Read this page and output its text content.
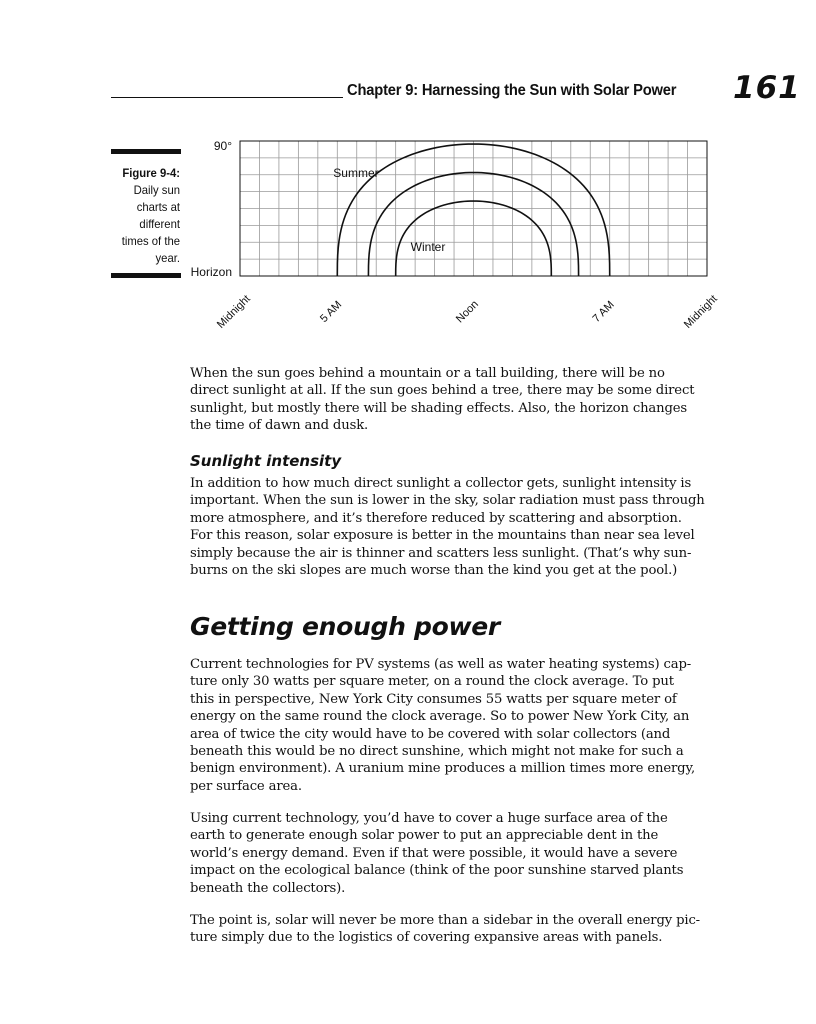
Chapter 9: Harnessing the Sun with Solar Power 161
Figure 9-4:
Daily sun
charts at
different
times of the
year.
90°
Horizon
Midnight	5 AM	Noon	7 AM	Midnight
Summer
Winter
When the sun goes behind a mountain or a tall building, there will be no
direct sunlight at all. If the sun goes behind a tree, there may be some direct
sunlight, but mostly there will be shading effects. Also, the horizon changes
the time of dawn and dusk.
Sunlight intensity
In addition to how much direct sunlight a collector gets, sunlight intensity is
important. When the sun is lower in the sky, solar radiation must pass through
more atmosphere, and it’s therefore reduced by scattering and absorption.
For this reason, solar exposure is better in the mountains than near sea level
simply because the air is thinner and scatters less sunlight. (That’s why sun-
burns on the ski slopes are much worse than the kind you get at the pool.)
Getting enough power
Current technologies for PV systems (as well as water heating systems) cap-
ture only 30 watts per square meter, on a round the clock average. To put
this in perspective, New York City consumes 55 watts per square meter of
energy on the same round the clock average. So to power New York City, an
area of twice the city would have to be covered with solar collectors (and
beneath this would be no direct sunshine, which might not make for such a
benign environment). A uranium mine produces a million times more energy,
per surface area.
Using current technology, you’d have to cover a huge surface area of the
earth to generate enough solar power to put an appreciable dent in the
world’s energy demand. Even if that were possible, it would have a severe
impact on the ecological balance (think of the poor sunshine starved plants
beneath the collectors).
The point is, solar will never be more than a sidebar in the overall energy pic-
ture simply due to the logistics of covering expansive areas with panels.
